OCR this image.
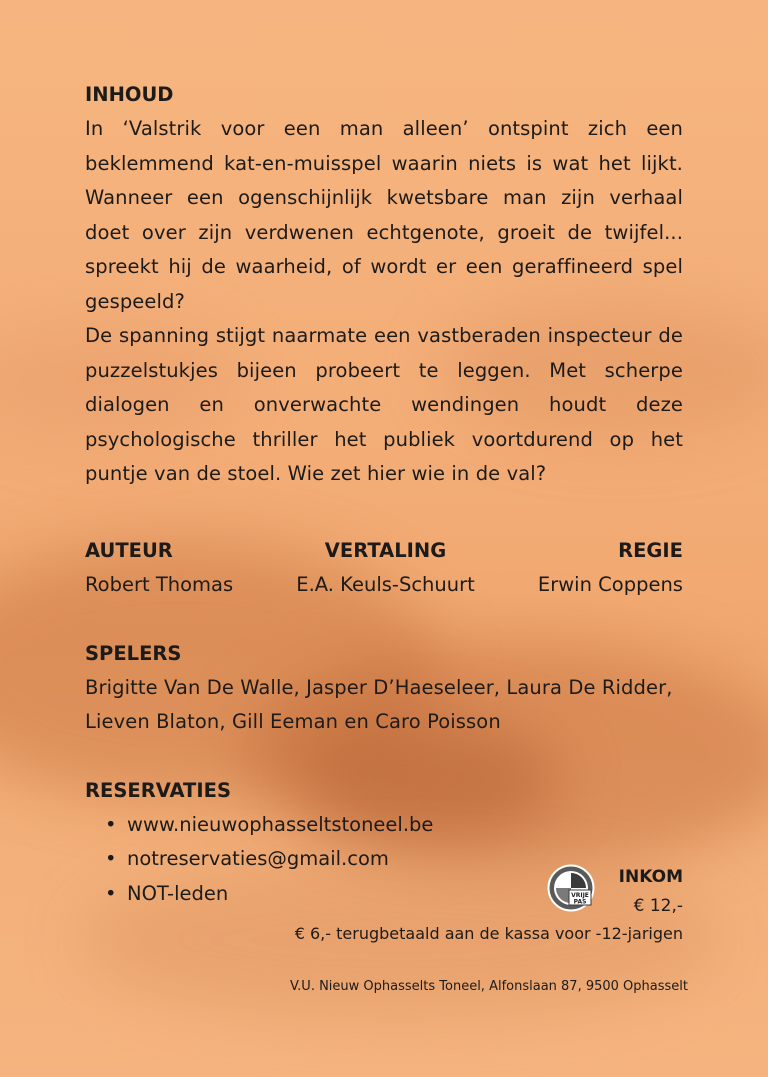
INHOUD

In ‘Valstrik voor een man alleen’ ontspint zich een beklemmend kat-en-muisspel waarin niets is wat het lijkt. Wanneer een ogenschijnlijk kwetsbare man zijn verhaal doet over zijn verdwenen echtgenote, groeit de twijfel... spreekt hij de waarheid, of wordt er een geraffineerd spel gespeeld?

De spanning stijgt naarmate een vastberaden inspecteur de puzzelstukjes bijeen probeert te leggen. Met scherpe dialogen en onverwachte wendingen houdt deze psychologische thriller het publiek voortdurend op het puntje van de stoel. Wie zet hier wie in de val?

AUTEUR
Robert Thomas
VERTALING
E.A. Keuls-Schuurt
REGIE
Erwin Coppens
SPELERS
Brigitte Van De Walle, Jasper D’Haeseleer, Laura De Ridder,
Lieven Blaton, Gill Eeman en Caro Poisson
RESERVATIES
• www.nieuwophasseltstoneel.be
• notreservaties@gmail.com
• NOT-leden	VRIJE
PAS
INKOM
€ 12,-
€ 6,- terugbetaald aan de kassa voor -12-jarigen
V.U. Nieuw Ophasselts Toneel, Alfonslaan 87, 9500 Ophasselt
